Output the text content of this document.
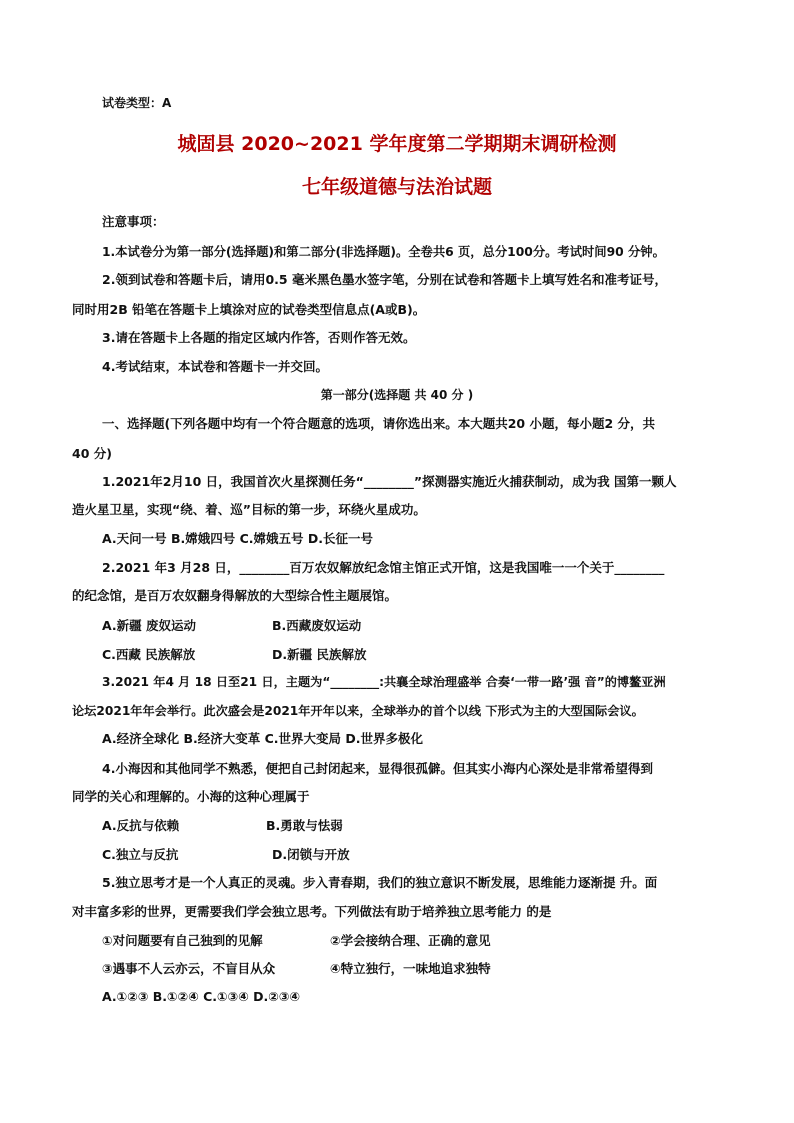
试卷类型：A
城固县 2020~2021 学年度第二学期期末调研检测
七年级道德与法治试题
注意事项：
1.本试卷分为第一部分(选择题)和第二部分(非选择题)。全卷共6 页，总分100分。考试时间90 分钟。
2.领到试卷和答题卡后，请用0.5 毫米黑色墨水签字笔，分别在试卷和答题卡上填写姓名和准考证号，
同时用2B 铅笔在答题卡上填涂对应的试卷类型信息点(A或B)。
3.请在答题卡上各题的指定区域内作答，否则作答无效。
4.考试结束，本试卷和答题卡一并交回。
第一部分(选择题 共 40 分 )
一、选择题(下列各题中均有一个符合题意的选项，请你选出来。本大题共20 小题，每小题2 分，共
40 分)
1.2021年2月10 日，我国首次火星探测任务“________”探测器实施近火捕获制动，成为我 国第一颗人
造火星卫星，实现“绕、着、巡”目标的第一步，环绕火星成功。
A.天问一号 B.嫦娥四号 C.嫦娥五号 D.长征一号
2.2021 年3 月28 日，________百万农奴解放纪念馆主馆正式开馆，这是我国唯一一个关于________
的纪念馆，是百万农奴翻身得解放的大型综合性主题展馆。
A.新疆 废奴运动	B.西藏废奴运动
C.西藏 民族解放	D.新疆 民族解放
3.2021 年4 月 18 日至21 日，主题为“________:共襄全球治理盛举 合奏‘一带一路’强 音”的博鳌亚洲
论坛2021年年会举行。此次盛会是2021年开年以来，全球举办的首个以线 下形式为主的大型国际会议。
A.经济全球化 B.经济大变革 C.世界大变局 D.世界多极化
4.小海因和其他同学不熟悉，便把自己封闭起来，显得很孤僻。但其实小海内心深处是非常希望得到
同学的关心和理解的。小海的这种心理属于
A.反抗与依赖	B.勇敢与怯弱
C.独立与反抗	D.闭锁与开放
5.独立思考才是一个人真正的灵魂。步入青春期，我们的独立意识不断发展，思维能力逐渐提 升。面
对丰富多彩的世界，更需要我们学会独立思考。下列做法有助于培养独立思考能力 的是
①对问题要有自己独到的见解	②学会接纳合理、正确的意见
③遇事不人云亦云，不盲目从众	④特立独行，一味地追求独特
A.①②③ B.①②④ C.①③④ D.②③④
